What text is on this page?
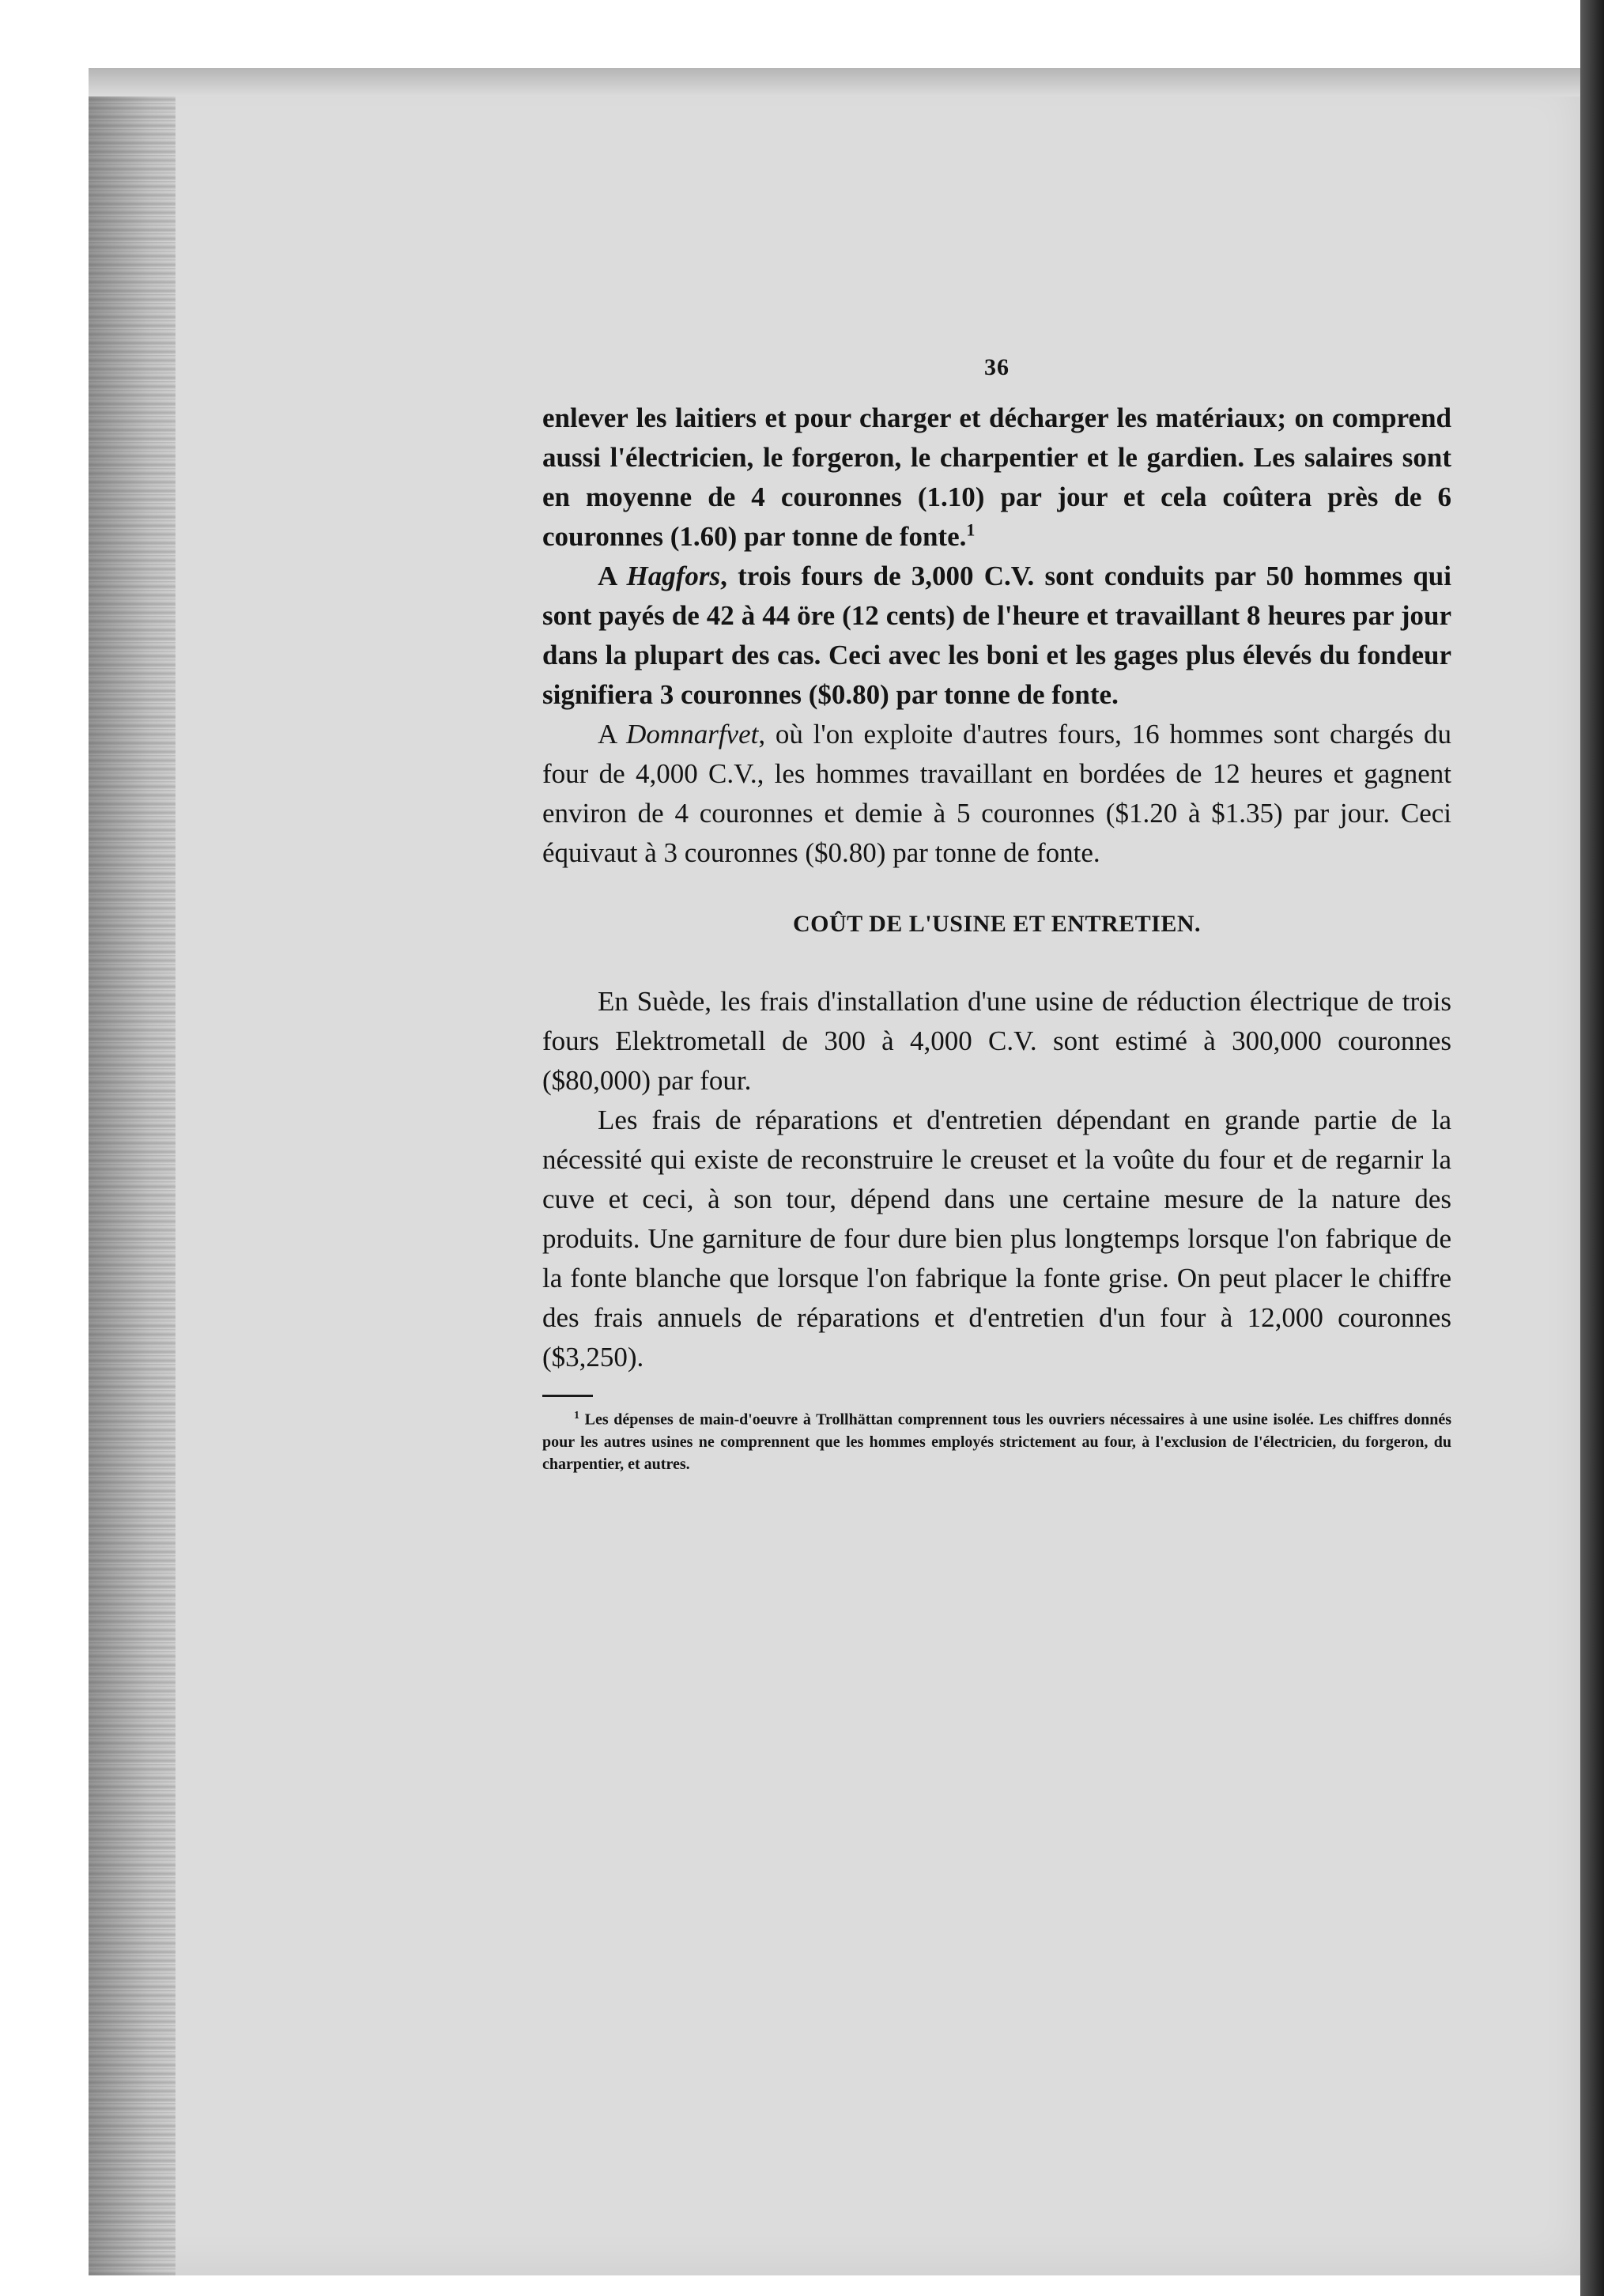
36

enlever les laitiers et pour charger et décharger les matériaux; on comprend aussi l'électricien, le forgeron, le charpentier et le gardien. Les salaires sont en moyenne de 4 couronnes (1.10) par jour et cela coûtera près de 6 couronnes (1.60) par tonne de fonte.$^1$

A Hagfors, trois fours de 3,000 C.V. sont conduits par 50 hommes qui sont payés de 42 à 44 öre (12 cents) de l'heure et travaillant 8 heures par jour dans la plupart des cas. Ceci avec les boni et les gages plus élevés du fondeur signifiera 3 couronnes ($0.80) par tonne de fonte.

A Domnarfvet, où l'on exploite d'autres fours, 16 hommes sont chargés du four de 4,000 C.V., les hommes travaillant en bordées de 12 heures et gagnent environ de 4 couronnes et demie à 5 couronnes ($1.20 à $1.35) par jour. Ceci équivaut à 3 couronnes ($0.80) par tonne de fonte.

COÛT DE L'USINE ET ENTRETIEN.

En Suède, les frais d'installation d'une usine de réduction électrique de trois fours Elektrometall de 300 à 4,000 C.V. sont estimé à 300,000 couronnes ($80,000) par four.

Les frais de réparations et d'entretien dépendant en grande partie de la nécessité qui existe de reconstruire le creuset et la voûte du four et de regarnir la cuve et ceci, à son tour, dépend dans une certaine mesure de la nature des produits. Une garniture de four dure bien plus longtemps lorsque l'on fabrique de la fonte blanche que lorsque l'on fabrique la fonte grise. On peut placer le chiffre des frais annuels de réparations et d'entretien d'un four à 12,000 couronnes ($3,250).

$^1$ Les dépenses de main-d'oeuvre à Trollhättan comprennent tous les ouvriers nécessaires à une usine isolée. Les chiffres donnés pour les autres usines ne comprennent que les hommes employés strictement au four, à l'exclusion de l'électricien, du forgeron, du charpentier, et autres.
